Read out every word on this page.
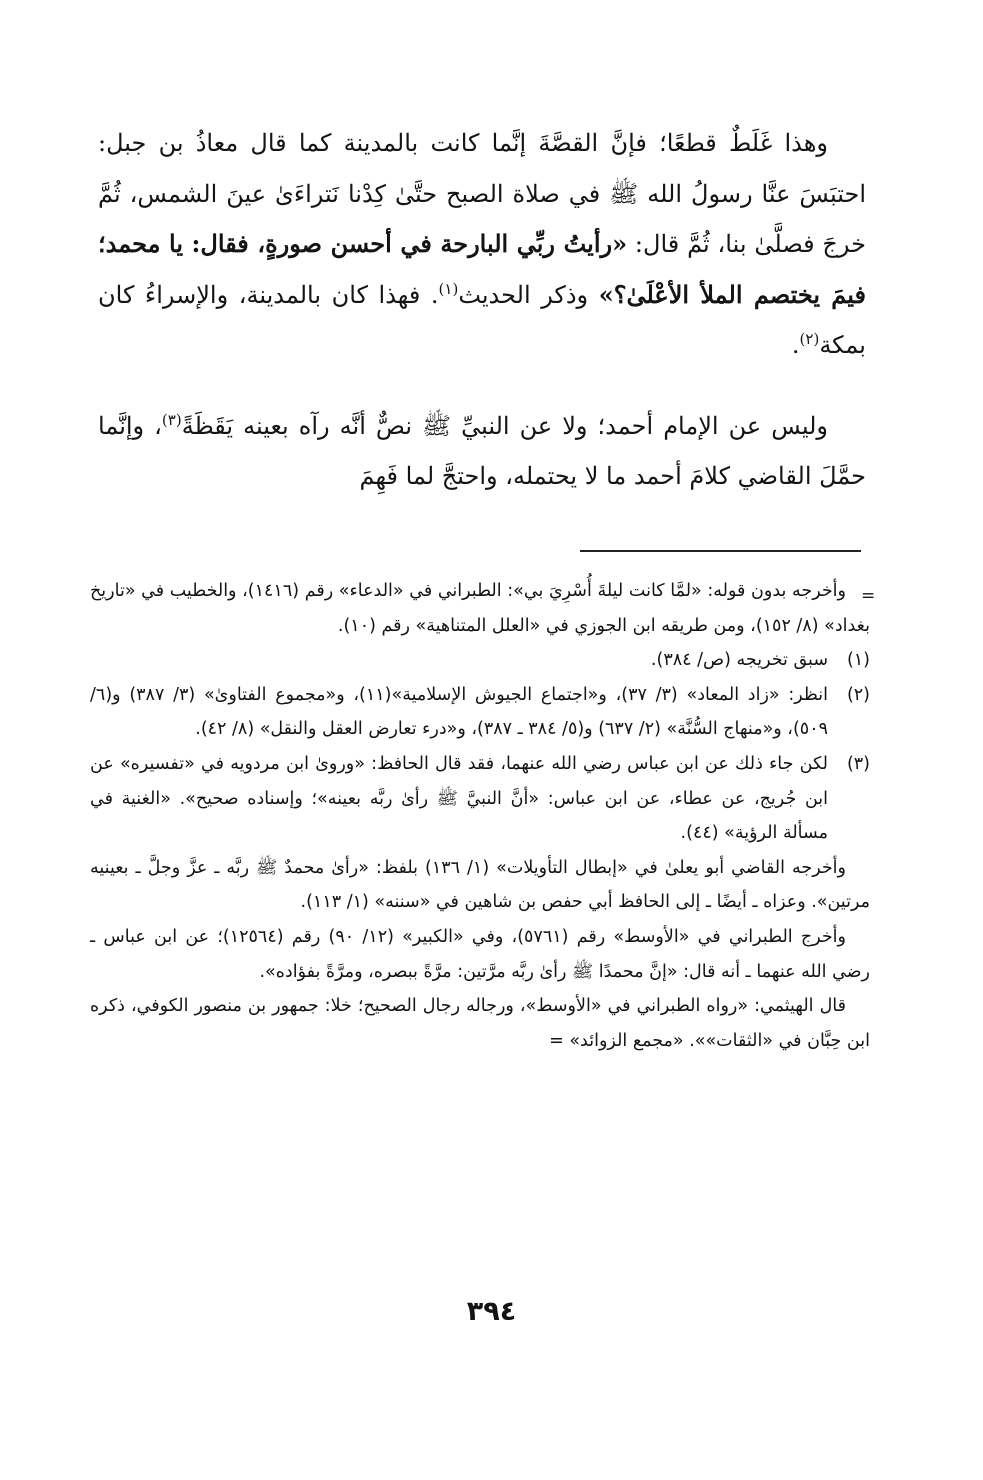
وهذا غَلَطٌ قطعًا؛ فإنَّ القصَّةَ إنَّما كانت بالمدينة كما قال معاذُ بن جبل: احتبَسَ عنَّا رسولُ الله ﷺ في صلاة الصبح حتَّىٰ كِدْنا نَتراءَىٰ عينَ الشمس، ثُمَّ خرجَ فصلَّىٰ بنا، ثُمَّ قال: «رأيتُ ربِّي البارحة في أحسن صورةٍ، فقال: يا محمد؛ فيمَ يختصم الملأ الأعْلَىٰ؟» وذكر الحديث$^{(١)}$. فهذا كان بالمدينة، والإسراءُ كان بمكة$^{(٢)}$.

وليس عن الإمام أحمد؛ ولا عن النبيِّ ﷺ نصٌّ أنَّه رآه بعينه يَقَظَةً$^{(٣)}$، وإنَّما حمَّلَ القاضي كلامَ أحمد ما لا يحتمله، واحتجَّ لما فَهِمَ

=

وأخرجه بدون قوله: «لمَّا كانت ليلةَ أُسْرِيَ بي»: الطبراني في «الدعاء» رقم (١٤١٦)، والخطيب في «تاريخ بغداد» (٨/ ١٥٢)، ومن طريقه ابن الجوزي في «العلل المتناهية» رقم (١٠).

(١)

سبق تخريجه (ص/ ٣٨٤).

(٢)

انظر: «زاد المعاد» (٣/ ٣٧)، و«اجتماع الجيوش الإسلامية»(١١)، و«مجموع الفتاوىٰ» (٣/ ٣٨٧) و(٦/ ٥٠٩)، و«منهاج السُّنَّة» (٢/ ٦٣٧) و(٥/ ٣٨٤ ـ ٣٨٧)، و«درء تعارض العقل والنقل» (٨/ ٤٢).

(٣)

لكن جاء ذلك عن ابن عباس رضي الله عنهما، فقد قال الحافظ: «وروىٰ ابن مردويه في «تفسيره» عن ابن جُريج، عن عطاء، عن ابن عباس: «أنَّ النبيَّ ﷺ رأىٰ ربَّه بعينه»؛ وإسناده صحيح». «الغنية في مسألة الرؤية» (٤٤).

وأخرجه القاضي أبو يعلىٰ في «إبطال التأويلات» (١/ ١٣٦) بلفظ: «رأىٰ محمدٌ ﷺ ربَّه ـ عزَّ وجلَّ ـ بعينيه مرتين». وعزاه ـ أيضًا ـ إلى الحافظ أبي حفص بن شاهين في «سننه» (١/ ١١٣).

وأخرج الطبراني في «الأوسط» رقم (٥٧٦١)، وفي «الكبير» (١٢/ ٩٠) رقم (١٢٥٦٤)؛ عن ابن عباس ـ رضي الله عنهما ـ أنه قال: «إنَّ محمدًا ﷺ رأىٰ ربَّه مرَّتين: مرَّةً ببصره، ومرَّةً بفؤاده».

قال الهيثمي: «رواه الطبراني في «الأوسط»، ورجاله رجال الصحيح؛ خلا: جمهور بن منصور الكوفي، ذكره ابن حِبَّان في «الثقات»». «مجمع الزوائد» =

٣٩٤
